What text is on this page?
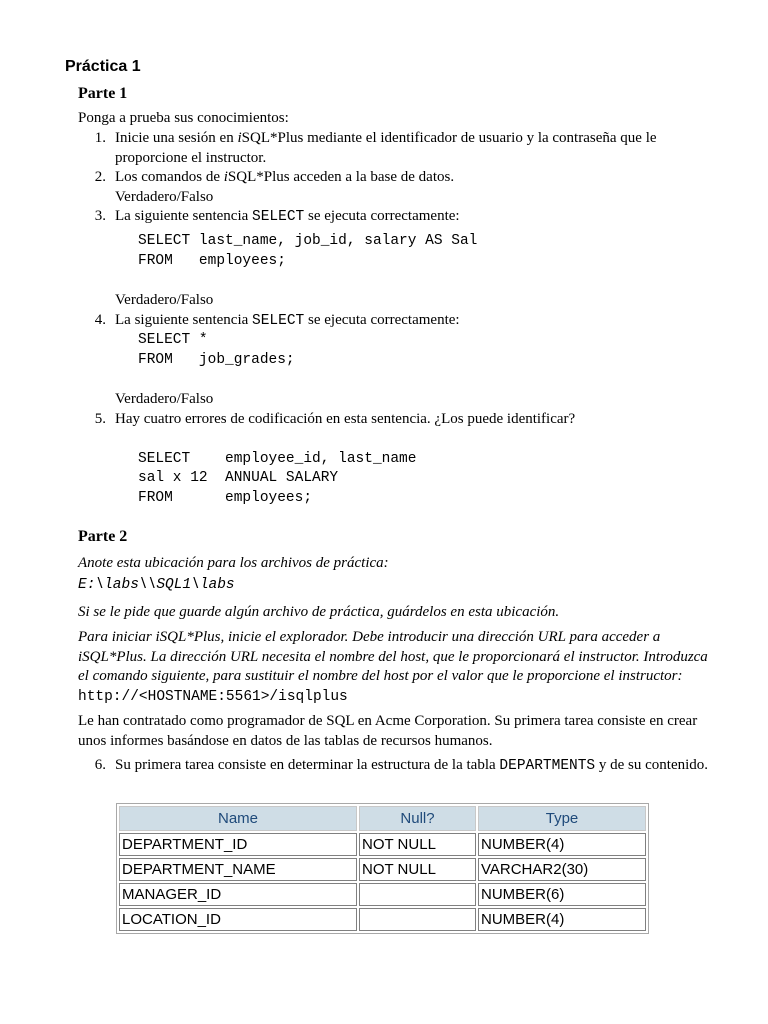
Práctica 1
Parte 1
Ponga a prueba sus conocimientos:
1. Inicie una sesión en iSQL*Plus mediante el identificador de usuario y la contraseña que le proporcione el instructor.
2. Los comandos de iSQL*Plus acceden a la base de datos.
Verdadero/Falso
3. La siguiente sentencia SELECT se ejecuta correctamente:
SELECT last_name, job_id, salary AS Sal
FROM   employees;
Verdadero/Falso
4. La siguiente sentencia SELECT se ejecuta correctamente:
SELECT *
FROM   job_grades;
Verdadero/Falso
5. Hay cuatro errores de codificación en esta sentencia. ¿Los puede identificar?
SELECT    employee_id, last_name
sal x 12  ANNUAL SALARY
FROM      employees;
Parte 2
Anote esta ubicación para los archivos de práctica:
E:\labs\\SQL1\labs
Si se le pide que guarde algún archivo de práctica, guárdelos en esta ubicación.
Para iniciar iSQL*Plus, inicie el explorador. Debe introducir una dirección URL para acceder a iSQL*Plus. La dirección URL necesita el nombre del host, que le proporcionará el instructor. Introduzca el comando siguiente, para sustituir el nombre del host por el valor que le proporcione el instructor: http://<HOSTNAME:5561>/isqlplus
Le han contratado como programador de SQL en Acme Corporation. Su primera tarea consiste en crear unos informes basándose en datos de las tablas de recursos humanos.
6. Su primera tarea consiste en determinar la estructura de la tabla DEPARTMENTS y de su contenido.
Name	Null?	Type
DEPARTMENT_ID	NOT NULL	NUMBER(4)
DEPARTMENT_NAME	NOT NULL	VARCHAR2(30)
MANAGER_ID		NUMBER(6)
LOCATION_ID		NUMBER(4)
